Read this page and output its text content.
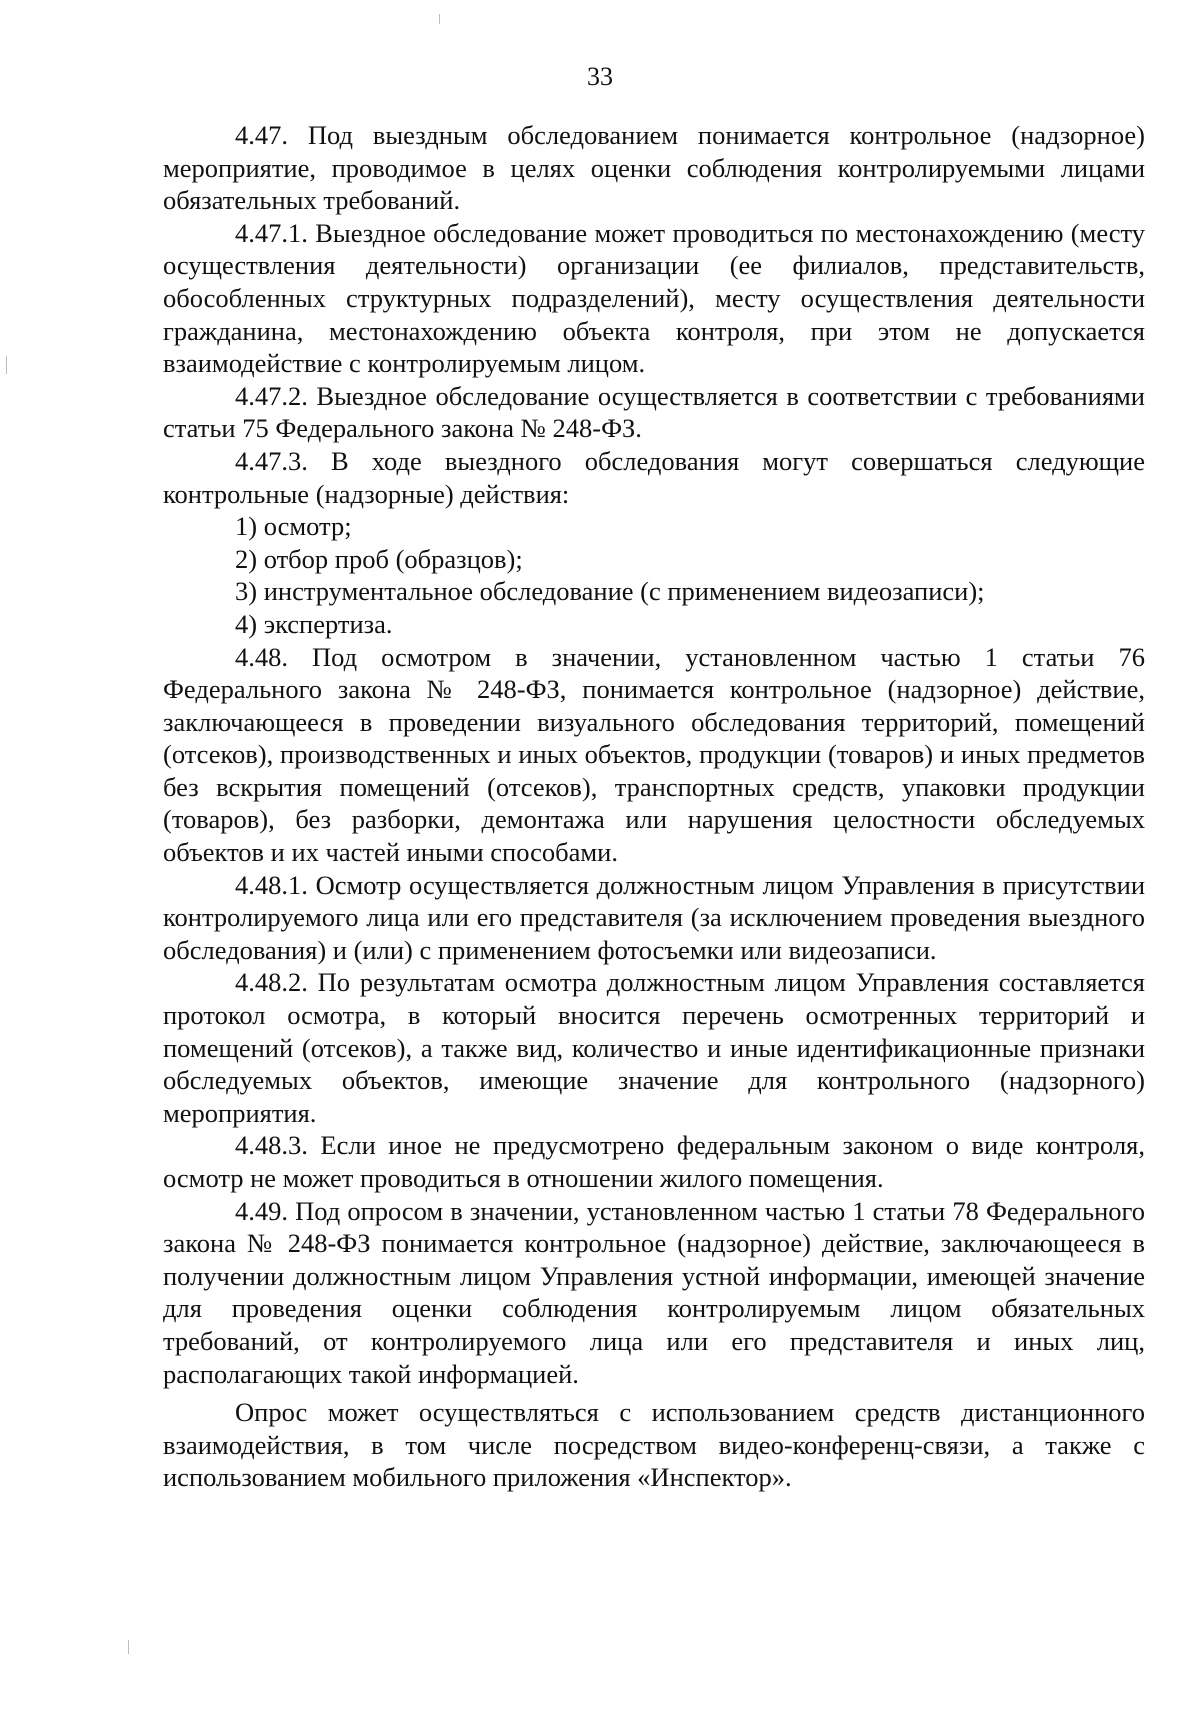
33

4.47. Под выездным обследованием понимается контрольное (надзорное) мероприятие, проводимое в целях оценки соблюдения контролируемыми лицами обязательных требований.

4.47.1. Выездное обследование может проводиться по местонахождению (месту осуществления деятельности) организации (ее филиалов, представительств, обособленных структурных подразделений), месту осуществления деятельности гражданина, местонахождению объекта контроля, при этом не допускается взаимодействие с контролируемым лицом.

4.47.2. Выездное обследование осуществляется в соответствии с требованиями статьи 75 Федерального закона № 248-ФЗ.

4.47.3. В ходе выездного обследования могут совершаться следующие контрольные (надзорные) действия:

1) осмотр;

2) отбор проб (образцов);

3) инструментальное обследование (с применением видеозаписи);

4) экспертиза.

4.48. Под осмотром в значении, установленном частью 1 статьи 76 Федерального закона № 248-ФЗ, понимается контрольное (надзорное) действие, заключающееся в проведении визуального обследования территорий, помещений (отсеков), производственных и иных объектов, продукции (товаров) и иных предметов без вскрытия помещений (отсеков), транспортных средств, упаковки продукции (товаров), без разборки, демонтажа или нарушения целостности обследуемых объектов и их частей иными способами.

4.48.1. Осмотр осуществляется должностным лицом Управления в присутствии контролируемого лица или его представителя (за исключением проведения выездного обследования) и (или) с применением фотосъемки или видеозаписи.

4.48.2. По результатам осмотра должностным лицом Управления составляется протокол осмотра, в который вносится перечень осмотренных территорий и помещений (отсеков), а также вид, количество и иные идентификационные признаки обследуемых объектов, имеющие значение для контрольного (надзорного) мероприятия.

4.48.3. Если иное не предусмотрено федеральным законом о виде контроля, осмотр не может проводиться в отношении жилого помещения.

4.49. Под опросом в значении, установленном частью 1 статьи 78 Федерального закона № 248-ФЗ понимается контрольное (надзорное) действие, заключающееся в получении должностным лицом Управления устной информации, имеющей значение для проведения оценки соблюдения контролируемым лицом обязательных требований, от контролируемого лица или его представителя и иных лиц, располагающих такой информацией.

Опрос может осуществляться с использованием средств дистанционного взаимодействия, в том числе посредством видео-конференц-связи, а также с использованием мобильного приложения «Инспектор».
